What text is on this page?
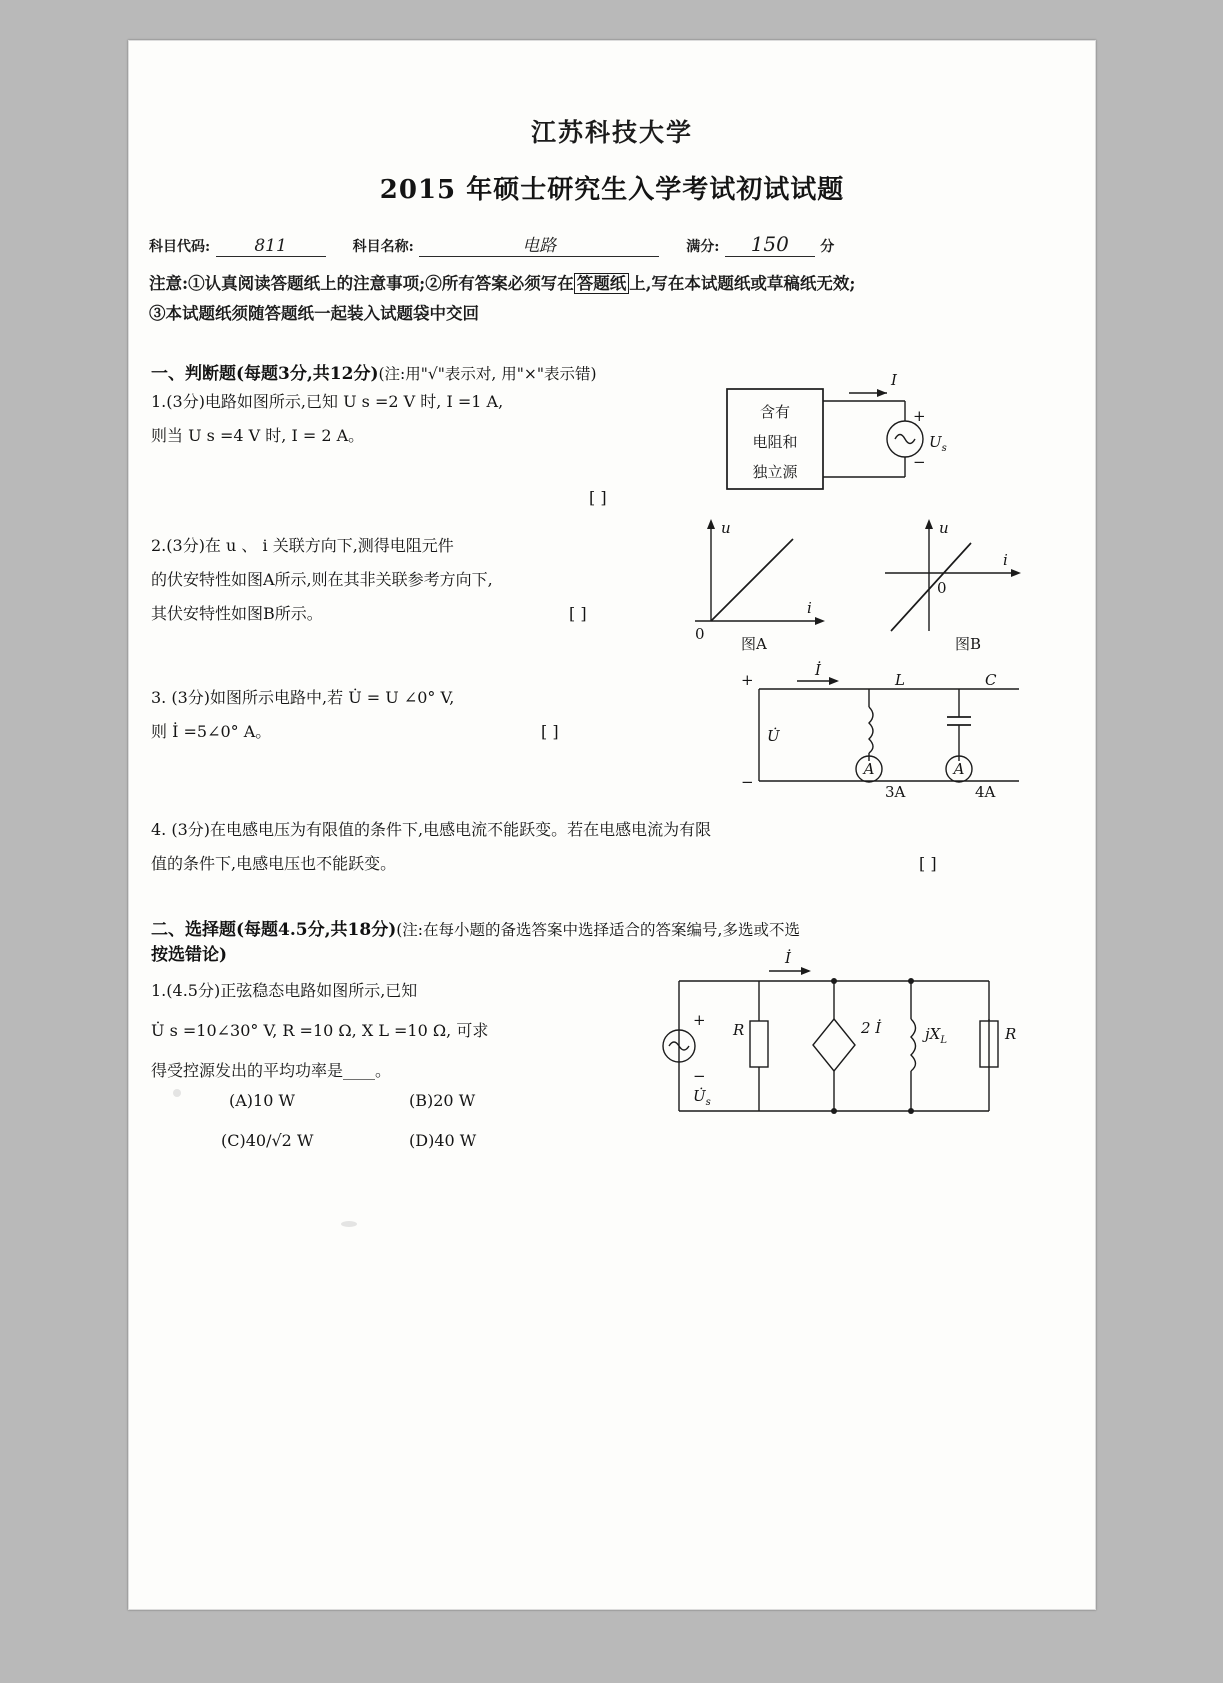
江苏科技大学
2015 年硕士研究生入学考试初试试题
科目代码:	811	科目名称:	电路	满分: 150 分
注意:①认真阅读答题纸上的注意事项;②所有答案必须写在 答题纸 上,写在本试题纸或草稿纸无效;
③本试题纸须随答题纸一起装入试题袋中交回
一、判断题(每题3分,共12分)(注:用"√"表示对, 用"×"表示错)
1.(3分)电路如图所示,已知 U s =2 V 时, I =1 A,
则当 U s =4 V 时, I = 2 A。
[ ]
含有
电阻和
独立源
I
+
−
$U_s$
2.(3分)在 u 、 i 关联方向下,测得电阻元件
的伏安特性如图A所示,则在其非关联参考方向下,
其伏安特性如图B所示。	[ ]
u
i
0
图A
u
i
0
图B
3. (3分)如图所示电路中,若 U̇ = U ∠0° V,
则 İ =5∠0° A。	[ ]
A	A
3A	4A
İ
+
−
U̇
L	C
4. (3分)在电感电压为有限值的条件下,电感电流不能跃变。若在电感电流为有限
值的条件下,电感电压也不能跃变。	[ ]
二、选择题(每题4.5分,共18分)(注:在每小题的备选答案中选择适合的答案编号,多选或不选
按选错论)
1.(4.5分)正弦稳态电路如图所示,已知
U̇ s =10∠30° V, R =10 Ω, X L =10 Ω, 可求
得受控源发出的平均功率是____。
(A)10 W	(B)20 W
(C)40/√2 W	(D)40 W
+
−
$U̇_s$
R	2 İ	$jX_L$	R
İ
